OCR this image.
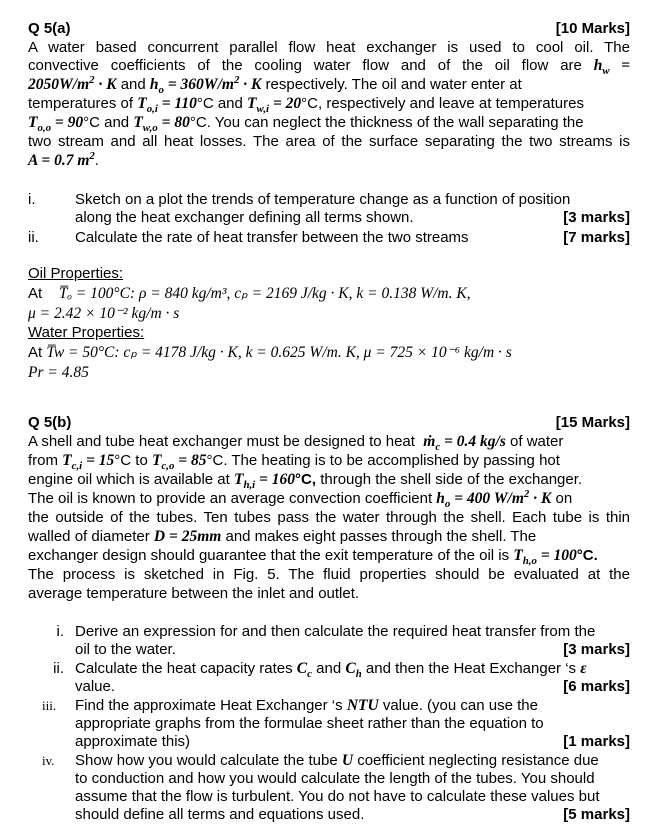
Q 5(a)	[10 Marks]
A water based concurrent parallel flow heat exchanger is used to cool oil. The
convective coefficients of the cooling water flow and of the oil flow are $h_w$ =
$2050W/m^2 \cdot K$ and $h_o = 360W/m^2 \cdot K$ respectively. The oil and water enter at
temperatures of $T_{o,i} = 110^\circ C$ and $T_{w,i} = 20^\circ C$, respectively and leave at temperatures
$T_{o,o} = 90^\circ C$ and $T_{w,o} = 80^\circ C$. You can neglect the thickness of the wall separating the
two stream and all heat losses. The area of the surface separating the two streams is
A = 0.7 $m^2$.
i.	Sketch on a plot the trends of temperature change as a function of position
along the heat exchanger defining all terms shown.	[3 marks]
ii.	Calculate the rate of heat transfer between the two streams	[7 marks]
Oil Properties:
At T̅ₒ = 100°C: ρ = 840 kg/m³, cₚ = 2169 J/kg · K, k = 0.138 W/m. K,
μ = 2.42 × 10⁻² kg/m · s
Water Properties:
At T̅w = 50°C: cₚ = 4178 J/kg · K, k = 0.625 W/m. K, μ = 725 × 10⁻⁶ kg/m · s
Pr = 4.85
Q 5(b)	[15 Marks]
A shell and tube heat exchanger must be designed to heat ṁ$_c$ = 0.4 kg/s of water
from $T_{c,i} = 15^\circ C$ to $T_{c,o} = 85^\circ C$. The heating is to be accomplished by passing hot
engine oil which is available at $T_{h,i} = 160^\circ C$, through the shell side of the exchanger.
The oil is known to provide an average convection coefficient $h_o = 400$ $W/m^2 \cdot K$ on
the outside of the tubes. Ten tubes pass the water through the shell. Each tube is thin
walled of diameter D = 25mm and makes eight passes through the shell. The
exchanger design should guarantee that the exit temperature of the oil is $T_{h,o} = 100^\circ C$.
The process is sketched in Fig. 5. The fluid properties should be evaluated at the
average temperature between the inlet and outlet.
i. Derive an expression for and then calculate the required heat transfer from the
oil to the water.	[3 marks]
ii. Calculate the heat capacity rates $C_c$ and $C_h$ and then the Heat Exchanger ‘s ε
value.	[6 marks]
iii. Find the approximate Heat Exchanger ‘s NTU value. (you can use the
appropriate graphs from the formulae sheet rather than the equation to
approximate this)	[1 marks]
iv. Show how you would calculate the tube U coefficient neglecting resistance due
to conduction and how you would calculate the length of the tubes. You should
assume that the flow is turbulent. You do not have to calculate these values but
should define all terms and equations used.	[5 marks]
